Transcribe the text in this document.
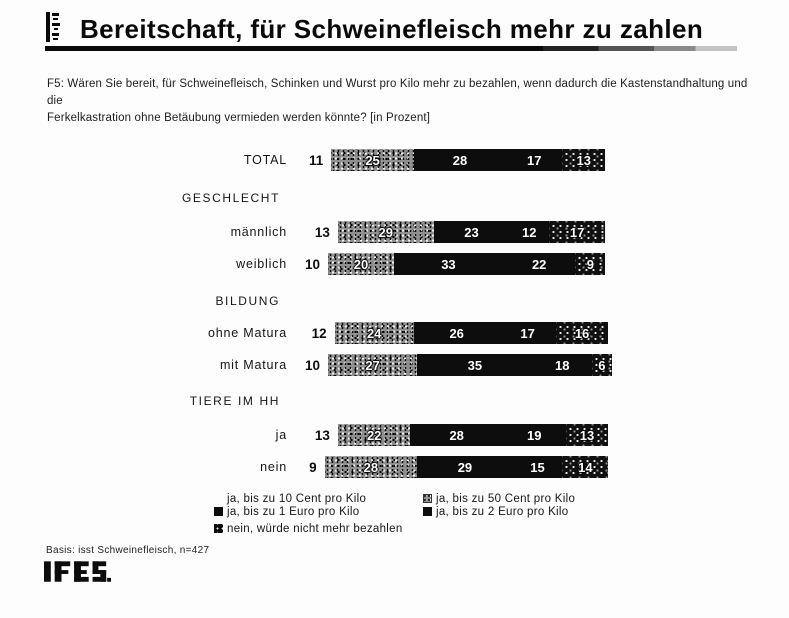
Bereitschaft, für Schweinefleisch mehr zu zahlen
F5: Wären Sie bereit, für Schweinefleisch, Schinken und Wurst pro Kilo mehr zu bezahlen, wenn dadurch die Kastenstandhaltung und die
Ferkelkastration ohne Betäubung vermieden werden könnte? [in Prozent]
TOTAL 11	25	28	17	13
GESCHLECHT
männlich 13	29	23	12	17
weiblich 10	20	33	22	9
BILDUNG
ohne Matura 12	24	26	17	16
mit Matura 10	27	35	18 6
TIERE IM HH
ja 13	22	28	19	13
nein 9	28	29	15	14
ja, bis zu 10 Cent pro Kilo	ja, bis zu 50 Cent pro Kilo
ja, bis zu 1 Euro pro Kilo	ja, bis zu 2 Euro pro Kilo
nein, würde nicht mehr bezahlen
Basis: isst Schweinefleisch, n=427
